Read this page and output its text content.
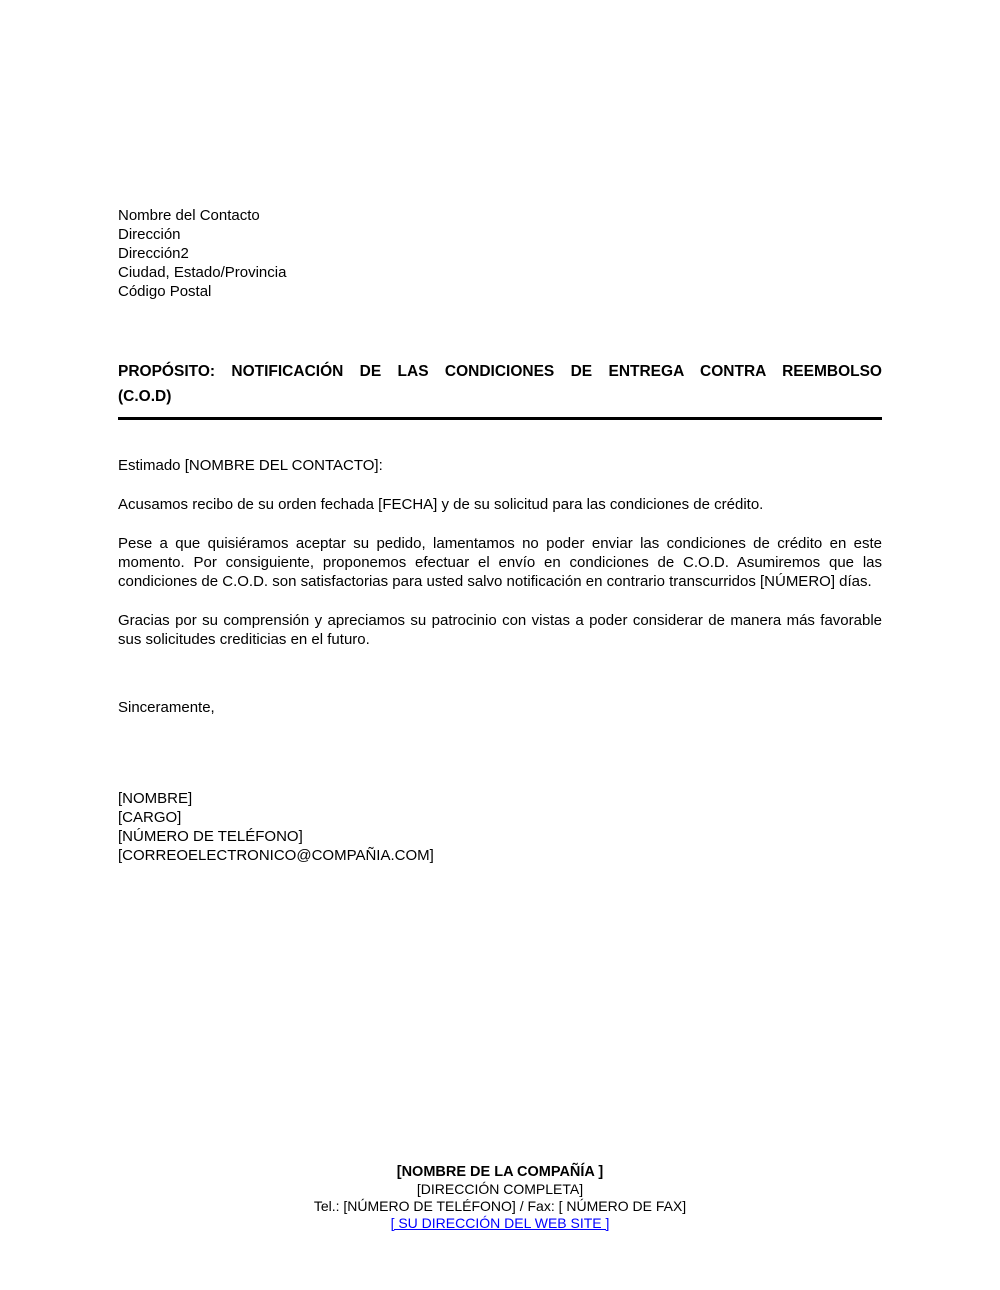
Nombre del Contacto
Dirección
Dirección2
Ciudad, Estado/Provincia
Código Postal
PROPÓSITO: NOTIFICACIÓN DE LAS CONDICIONES DE ENTREGA CONTRA REEMBOLSO
(C.O.D)
Estimado [NOMBRE DEL CONTACTO]:
Acusamos recibo de su orden fechada [FECHA] y de su solicitud para las condiciones de crédito.
Pese a que quisiéramos aceptar su pedido, lamentamos no poder enviar las condiciones de crédito en este momento. Por consiguiente, proponemos efectuar el envío en condiciones de C.O.D. Asumiremos que las condiciones de C.O.D. son satisfactorias para usted salvo notificación en contrario transcurridos [NÚMERO] días.
Gracias por su comprensión y apreciamos su patrocinio con vistas a poder considerar de manera más favorable sus solicitudes crediticias en el futuro.
Sinceramente,
[NOMBRE]
[CARGO]
[NÚMERO DE TELÉFONO]
[CORREOELECTRONICO@COMPAÑIA.COM]
[NOMBRE DE LA COMPAÑÍA ]
[DIRECCIÓN COMPLETA]
Tel.: [NÚMERO DE TELÉFONO] / Fax: [ NÚMERO DE FAX]
[ SU DIRECCIÓN DEL WEB SITE ]
